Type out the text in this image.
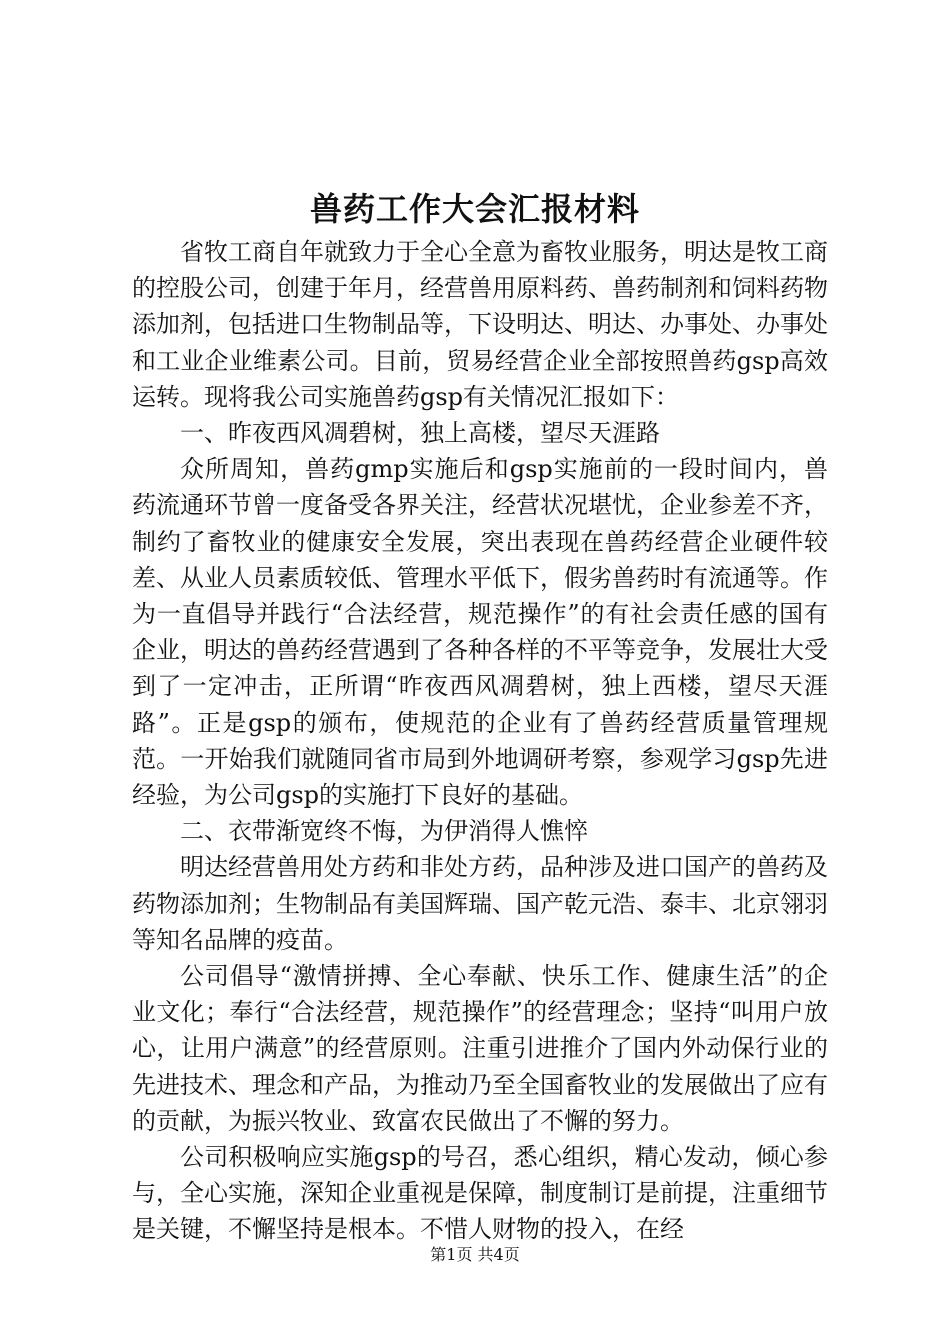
兽药工作大会汇报材料

省牧工商自年就致力于全心全意为畜牧业服务，明达是牧工商的控股公司，创建于年月，经营兽用原料药、兽药制剂和饲料药物添加剂，包括进口生物制品等，下设明达、明达、办事处、办事处和工业企业维素公司。目前，贸易经营企业全部按照兽药gsp高效运转。现将我公司实施兽药gsp有关情况汇报如下：

一、昨夜西风凋碧树，独上高楼，望尽天涯路

众所周知，兽药gmp实施后和gsp实施前的一段时间内，兽药流通环节曾一度备受各界关注，经营状况堪忧，企业参差不齐，制约了畜牧业的健康安全发展，突出表现在兽药经营企业硬件较差、从业人员素质较低、管理水平低下，假劣兽药时有流通等。作为一直倡导并践行“合法经营，规范操作”的有社会责任感的国有企业，明达的兽药经营遇到了各种各样的不平等竞争，发展壮大受到了一定冲击，正所谓“昨夜西风凋碧树，独上西楼，望尽天涯路”。正是gsp的颁布，使规范的企业有了兽药经营质量管理规范。一开始我们就随同省市局到外地调研考察，参观学习gsp先进经验，为公司gsp的实施打下良好的基础。

二、衣带渐宽终不悔，为伊消得人憔悴

明达经营兽用处方药和非处方药，品种涉及进口国产的兽药及药物添加剂；生物制品有美国辉瑞、国产乾元浩、泰丰、北京翎羽等知名品牌的疫苗。

公司倡导“激情拼搏、全心奉献、快乐工作、健康生活”的企业文化；奉行“合法经营，规范操作”的经营理念；坚持“叫用户放心，让用户满意”的经营原则。注重引进推介了国内外动保行业的先进技术、理念和产品，为推动乃至全国畜牧业的发展做出了应有的贡献，为振兴牧业、致富农民做出了不懈的努力。

公司积极响应实施gsp的号召，悉心组织，精心发动，倾心参与，全心实施，深知企业重视是保障，制度制订是前提，注重细节是关键，不懈坚持是根本。不惜人财物的投入，在经

第1页 共4页
